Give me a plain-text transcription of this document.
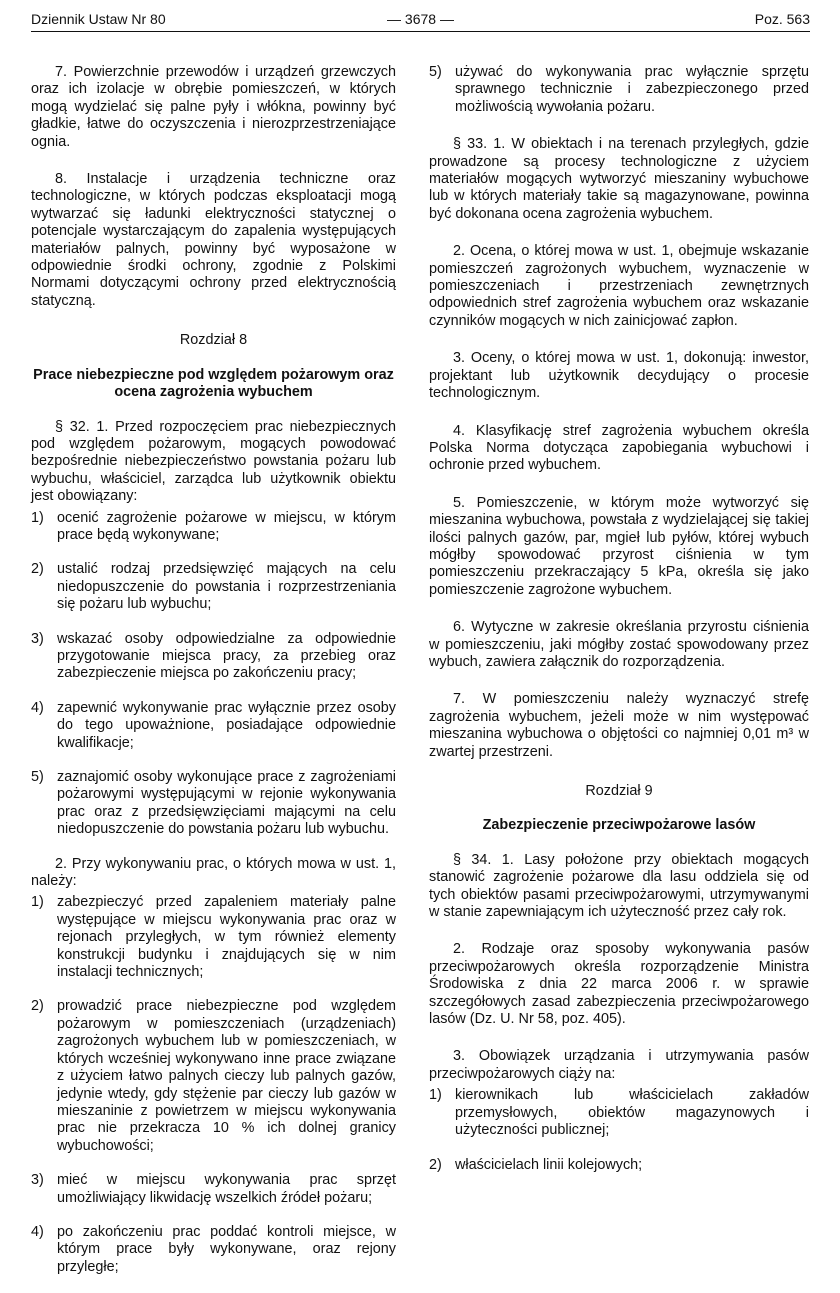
Dziennik Ustaw Nr 80	— 3678 —	Poz. 563

7. Powierzchnie przewodów i urządzeń grzewczych oraz ich izolacje w obrębie pomieszczeń, w których mogą wydzielać się palne pyły i włókna, powinny być gładkie, łatwe do oczyszczenia i nierozprzestrzeniające ognia.

8. Instalacje i urządzenia techniczne oraz technologiczne, w których podczas eksploatacji mogą wytwarzać się ładunki elektryczności statycznej o potencjale wystarczającym do zapalenia występujących materiałów palnych, powinny być wyposażone w odpowiednie środki ochrony, zgodnie z Polskimi Normami dotyczącymi ochrony przed elektrycznością statyczną.

Rozdział 8
Prace niebezpieczne pod względem pożarowym oraz ocena zagrożenia wybuchem

§ 32. 1. Przed rozpoczęciem prac niebezpiecznych pod względem pożarowym, mogących powodować bezpośrednie niebezpieczeństwo powstania pożaru lub wybuchu, właściciel, zarządca lub użytkownik obiektu jest obowiązany:

1) ocenić zagrożenie pożarowe w miejscu, w którym prace będą wykonywane;
2) ustalić rodzaj przedsięwzięć mających na celu niedopuszczenie do powstania i rozprzestrzeniania się pożaru lub wybuchu;
3) wskazać osoby odpowiedzialne za odpowiednie przygotowanie miejsca pracy, za przebieg oraz zabezpieczenie miejsca po zakończeniu pracy;
4) zapewnić wykonywanie prac wyłącznie przez osoby do tego upoważnione, posiadające odpowiednie kwalifikacje;
5) zaznajomić osoby wykonujące prace z zagrożeniami pożarowymi występującymi w rejonie wykonywania prac oraz z przedsięwzięciami mającymi na celu niedopuszczenie do powstania pożaru lub wybuchu.

2. Przy wykonywaniu prac, o których mowa w ust. 1, należy:

1) zabezpieczyć przed zapaleniem materiały palne występujące w miejscu wykonywania prac oraz w rejonach przyległych, w tym również elementy konstrukcji budynku i znajdujących się w nim instalacji technicznych;
2) prowadzić prace niebezpieczne pod względem pożarowym w pomieszczeniach (urządzeniach) zagrożonych wybuchem lub w pomieszczeniach, w których wcześniej wykonywano inne prace związane z użyciem łatwo palnych cieczy lub palnych gazów, jedynie wtedy, gdy stężenie par cieczy lub gazów w mieszaninie z powietrzem w miejscu wykonywania prac nie przekracza 10 % ich dolnej granicy wybuchowości;
3) mieć w miejscu wykonywania prac sprzęt umożliwiający likwidację wszelkich źródeł pożaru;
4) po zakończeniu prac poddać kontroli miejsce, w którym prace były wykonywane, oraz rejony przyległe;
5) używać do wykonywania prac wyłącznie sprzętu sprawnego technicznie i zabezpieczonego przed możliwością wywołania pożaru.

§ 33. 1. W obiektach i na terenach przyległych, gdzie prowadzone są procesy technologiczne z użyciem materiałów mogących wytworzyć mieszaniny wybuchowe lub w których materiały takie są magazynowane, powinna być dokonana ocena zagrożenia wybuchem.

2. Ocena, o której mowa w ust. 1, obejmuje wskazanie pomieszczeń zagrożonych wybuchem, wyznaczenie w pomieszczeniach i przestrzeniach zewnętrznych odpowiednich stref zagrożenia wybuchem oraz wskazanie czynników mogących w nich zainicjować zapłon.

3. Oceny, o której mowa w ust. 1, dokonują: inwestor, projektant lub użytkownik decydujący o procesie technologicznym.

4. Klasyfikację stref zagrożenia wybuchem określa Polska Norma dotycząca zapobiegania wybuchowi i ochronie przed wybuchem.

5. Pomieszczenie, w którym może wytworzyć się mieszanina wybuchowa, powstała z wydzielającej się takiej ilości palnych gazów, par, mgieł lub pyłów, której wybuch mógłby spowodować przyrost ciśnienia w tym pomieszczeniu przekraczający 5 kPa, określa się jako pomieszczenie zagrożone wybuchem.

6. Wytyczne w zakresie określania przyrostu ciśnienia w pomieszczeniu, jaki mógłby zostać spowodowany przez wybuch, zawiera załącznik do rozporządzenia.

7. W pomieszczeniu należy wyznaczyć strefę zagrożenia wybuchem, jeżeli może w nim występować mieszanina wybuchowa o objętości co najmniej 0,01 m³ w zwartej przestrzeni.

Rozdział 9
Zabezpieczenie przeciwpożarowe lasów

§ 34. 1. Lasy położone przy obiektach mogących stanowić zagrożenie pożarowe dla lasu oddziela się od tych obiektów pasami przeciwpożarowymi, utrzymywanymi w stanie zapewniającym ich użyteczność przez cały rok.

2. Rodzaje oraz sposoby wykonywania pasów przeciwpożarowych określa rozporządzenie Ministra Środowiska z dnia 22 marca 2006 r. w sprawie szczegółowych zasad zabezpieczenia przeciwpożarowego lasów (Dz. U. Nr 58, poz. 405).

3. Obowiązek urządzania i utrzymywania pasów przeciwpożarowych ciąży na:

1) kierownikach lub właścicielach zakładów przemysłowych, obiektów magazynowych i użyteczności publicznej;
2) właścicielach linii kolejowych;
